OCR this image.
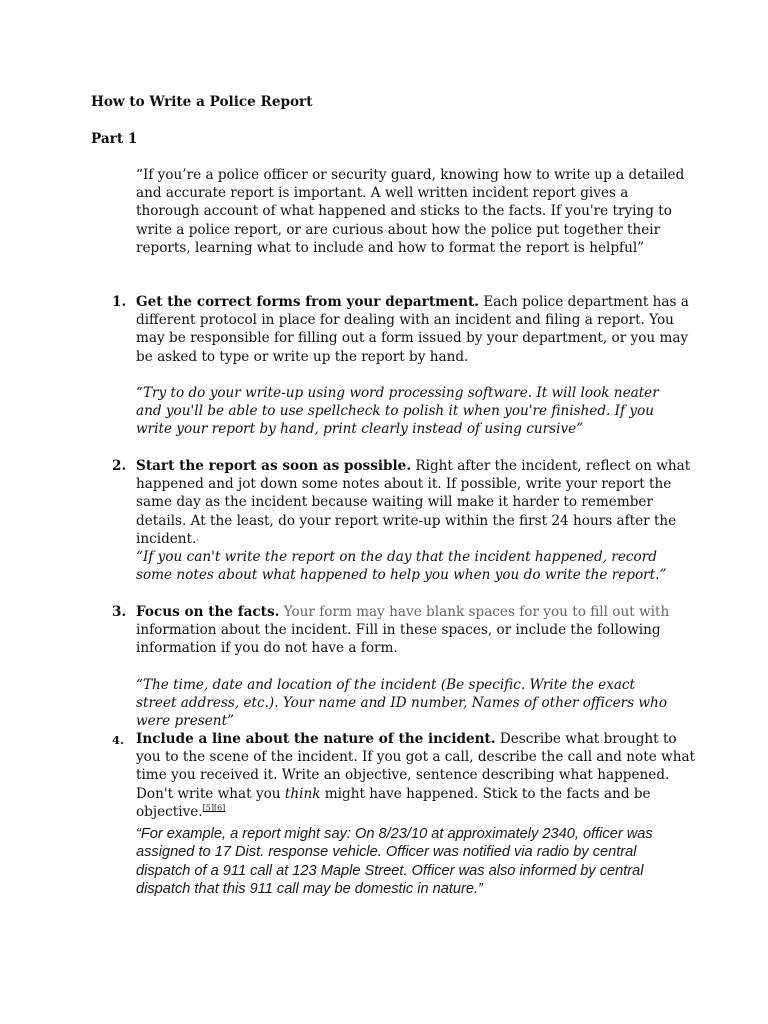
How to Write a Police Report
Part 1

“If you’re a police officer or security guard, knowing how to write up a detailed and accurate report is important. A well written incident report gives a thorough account of what happened and sticks to the facts. If you're trying to write a police report, or are curious about how the police put together their reports, learning what to include and how to format the report is helpful”

1. Get the correct forms from your department. Each police department has a different protocol in place for dealing with an incident and filing a report. You may be responsible for filling out a form issued by your department, or you may be asked to type or write up the report by hand.

“Try to do your write-up using word processing software. It will look neater and you'll be able to use spellcheck to polish it when you're finished. If you write your report by hand, print clearly instead of using cursive”

2. Start the report as soon as possible. Right after the incident, reflect on what happened and jot down some notes about it. If possible, write your report the same day as the incident because waiting will make it harder to remember details. At the least, do your report write-up within the first 24 hours after the incident.·

“If you can't write the report on the day that the incident happened, record some notes about what happened to help you when you do write the report.”

3. Focus on the facts. Your form may have blank spaces for you to fill out with information about the incident. Fill in these spaces, or include the following information if you do not have a form.

“The time, date and location of the incident (Be specific. Write the exact street address, etc.). Your name and ID number, Names of other officers who were present”

4. Include a line about the nature of the incident. Describe what brought to you to the scene of the incident. If you got a call, describe the call and note what time you received it. Write an objective, sentence describing what happened. Don't write what you think might have happened. Stick to the facts and be objective.[5][6]

“For example, a report might say: On 8/23/10 at approximately 2340, officer was assigned to 17 Dist. response vehicle. Officer was notified via radio by central dispatch of a 911 call at 123 Maple Street. Officer was also informed by central dispatch that this 911 call may be domestic in nature.”
